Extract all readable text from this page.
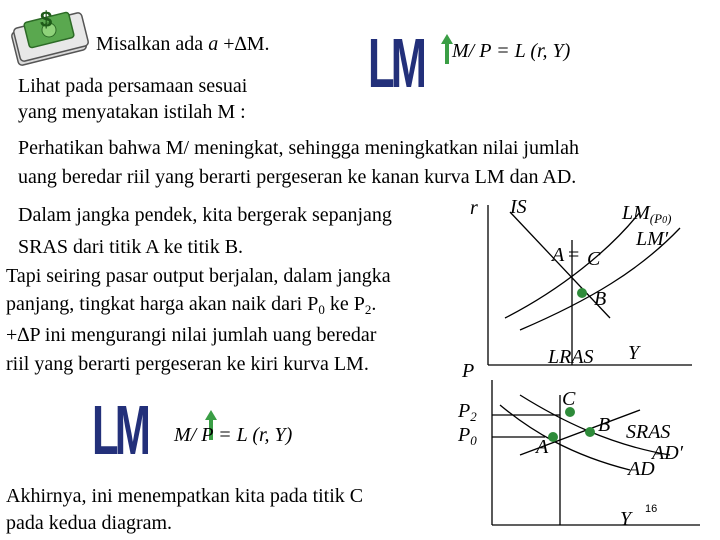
$
Misalkan ada a +∆M. LM M/ P = L (r, Y)
Lihat pada persamaan sesuai
yang menyatakan istilah M :
Perhatikan bahwa M/ meningkat, sehingga meningkatkan nilai jumlah
uang beredar riil yang berarti pergeseran ke kanan kurva LM dan AD.
Dalam jangka pendek, kita bergerak sepanjang
SRAS dari titik A ke titik B.
Tapi seiring pasar output berjalan, dalam jangka
panjang, tingkat harga akan naik dari $P_0$ ke $P_2$.
+∆P ini mengurangi nilai jumlah uang beredar
riil yang berarti pergeseran ke kiri kurva LM.
LM M/ P = L (r, Y)
Akhirnya, ini menempatkan kita pada titik C
pada kedua diagram.
r IS	$LM_{(P0)}$
LM′
A = C
B
LRAS Y
P
$P_2$
$P_0$
C
B
A
SRAS
AD′
AD
Y 16
